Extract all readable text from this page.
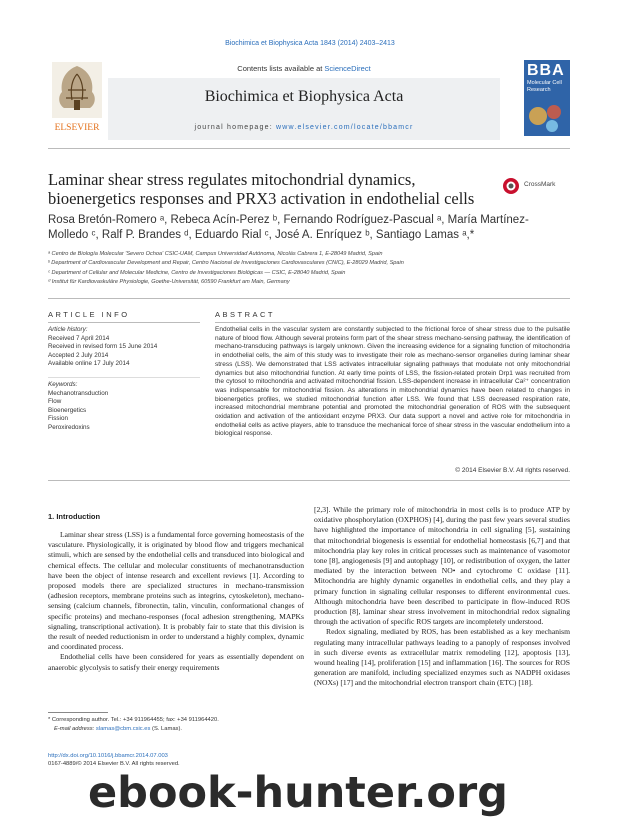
Biochimica et Biophysica Acta 1843 (2014) 2403–2413
ELSEVIER
Contents lists available at ScienceDirect
Biochimica et Biophysica Acta
journal homepage: www.elsevier.com/locate/bbamcr
BBA
Molecular Cell Research
Laminar shear stress regulates mitochondrial dynamics, bioenergetics responses and PRX3 activation in endothelial cells
CrossMark
Rosa Bretón-Romero ᵃ, Rebeca Acín-Perez ᵇ, Fernando Rodríguez-Pascual ᵃ, María Martínez-Molledo ᶜ, Ralf P. Brandes ᵈ, Eduardo Rial ᶜ, José A. Enríquez ᵇ, Santiago Lamas ᵃ,*
ᵃ Centro de Biología Molecular 'Severo Ochoa' CSIC-UAM, Campus Universidad Autónoma, Nicolás Cabrera 1, E-28049 Madrid, Spain
ᵇ Department of Cardiovascular Development and Repair, Centro Nacional de Investigaciones Cardiovasculares (CNIC), E-28029 Madrid, Spain
ᶜ Department of Cellular and Molecular Medicine, Centro de Investigaciones Biológicas — CSIC, E-28040 Madrid, Spain
ᵈ Institut für Kardiovaskuläre Physiologie, Goethe-Universität, 60590 Frankfurt am Main, Germany
ARTICLE INFO	ABSTRACT
Article history:
Received 7 April 2014
Received in revised form 15 June 2014
Accepted 2 July 2014
Available online 17 July 2014
Keywords:
Mechanotransduction
Flow
Bioenergetics
Fission
Peroxiredoxins
Endothelial cells in the vascular system are constantly subjected to the frictional force of shear stress due to the pulsatile nature of blood flow. Although several proteins form part of the shear stress mechano-sensing pathway, the identification of mechano-transducing pathways is largely unknown. Given the increasing evidence for a signaling function of mitochondria in endothelial cells, the aim of this study was to investigate their role as mechano-sensor organelles during laminar shear stress (LSS). We demonstrated that LSS activates intracellular signaling pathways that modulate not only mitochondrial dynamics but also mitochondrial function. At early time points of LSS, the fission-related protein Drp1 was recruited from the cytosol to mitochondria and activated mitochondrial fission. LSS-dependent increase in intracellular Ca²⁺ concentration was indispensable for mitochondrial fission. As alterations in mitochondrial dynamics have been related to changes in bioenergetics profiles, we studied mitochondrial function after LSS. We found that LSS decreased respiration rate, increased mitochondrial membrane potential and promoted the mitochondrial generation of ROS with the subsequent oxidation and activation of the antioxidant enzyme PRX3. Our data support a novel and active role for mitochondria in endothelial cells as active players, able to transduce the mechanical force of shear stress in the vascular endothelium into a biological response.
© 2014 Elsevier B.V. All rights reserved.
1. Introduction

Laminar shear stress (LSS) is a fundamental force governing homeostasis of the vasculature. Physiologically, it is originated by blood flow and triggers mechanical stimuli, which are sensed by the endothelial cells and transduced into biological and chemical effects. The cellular and molecular constituents of mechanotransduction have been the object of intense research and excellent reviews [1]. According to proposed models there are specialized structures in mechano-transmission (adhesion receptors, membrane proteins such as integrins, cytoskeleton), mechano-sensing (calcium channels, fibronectin, talin, vinculin, conformational changes of specific proteins) and mechano-responses (focal adhesion strengthening, MAPKs signaling, transcriptional activation). It is probably fair to state that this division is the result of needed reductionism in order to understand a highly complex, dynamic and coordinated process.

Endothelial cells have been considered for years as essentially dependent on anaerobic glycolysis to satisfy their energy requirements

[2,3]. While the primary role of mitochondria in most cells is to produce ATP by oxidative phosphorylation (OXPHOS) [4], during the past few years several studies have highlighted the importance of mitochondria in cell signaling [5], sustaining that mitochondrial biogenesis is essential for endothelial homeostasis [6,7] and that mitochondria play key roles in critical processes such as maintenance of vasomotor tone [8], angiogenesis [9] and autophagy [10], or redistribution of oxygen, the latter mediated by the interaction between NO• and cytochrome C oxidase [11]. Mitochondria are highly dynamic organelles in endothelial cells, and they play a primary function in signaling cellular responses to different environmental cues. Although mitochondria have been described to participate in flow-induced ROS production [8], laminar shear stress involvement in mitochondrial redox signaling through the activation of specific ROS targets are incompletely understood.

Redox signaling, mediated by ROS, has been established as a key mechanism regulating many intracellular pathways leading to a panoply of responses involved in such diverse events as extracellular matrix remodeling [12], apoptosis [13], wound healing [14], proliferation [15] and inflammation [16]. The sources for ROS generation are manifold, including specialized enzymes such as NADPH oxidases (NOXs) [17] and the mitochondrial electron transport chain (ETC) [18].

* Corresponding author. Tel.: +34 911964455; fax: +34 911964420.
E-mail address: slamas@cbm.csic.es (S. Lamas).
http://dx.doi.org/10.1016/j.bbamcr.2014.07.003
0167-4889/© 2014 Elsevier B.V. All rights reserved.
ebook-hunter.org
